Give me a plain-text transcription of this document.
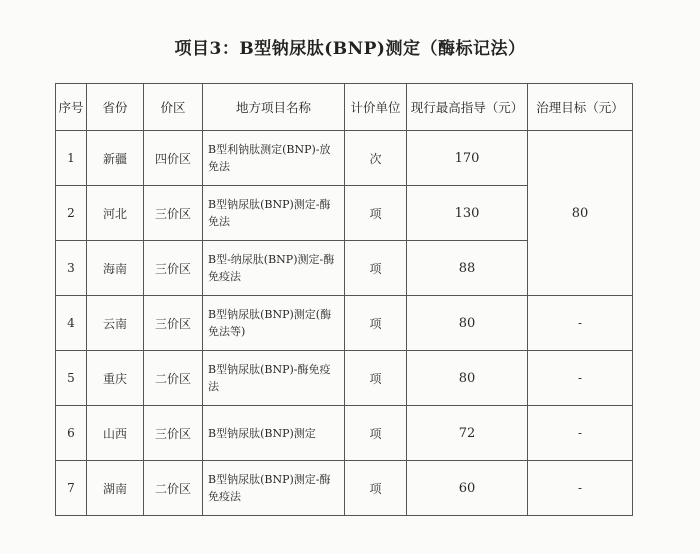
项目3：B型钠尿肽(BNP)测定（酶标记法）
序号	省份	价区	地方项目名称	计价单位	现行最高指导（元）	治理目标（元）
1	新疆	四价区	B型利钠肽测定(BNP)-放免法	次	170	80
2	河北	三价区	B型钠尿肽(BNP)测定-酶免法	项	130	
3	海南	三价区	B型-纳尿肽(BNP)测定-酶免疫法	项	88	
4	云南	三价区	B型钠尿肽(BNP)测定(酶免法等)	项	80	-
5	重庆	二价区	B型钠尿肽(BNP)-酶免疫法	项	80	-
6	山西	三价区	B型钠尿肽(BNP)测定	项	72	-
7	湖南	二价区	B型钠尿肽(BNP)测定-酶免疫法	项	60	-
